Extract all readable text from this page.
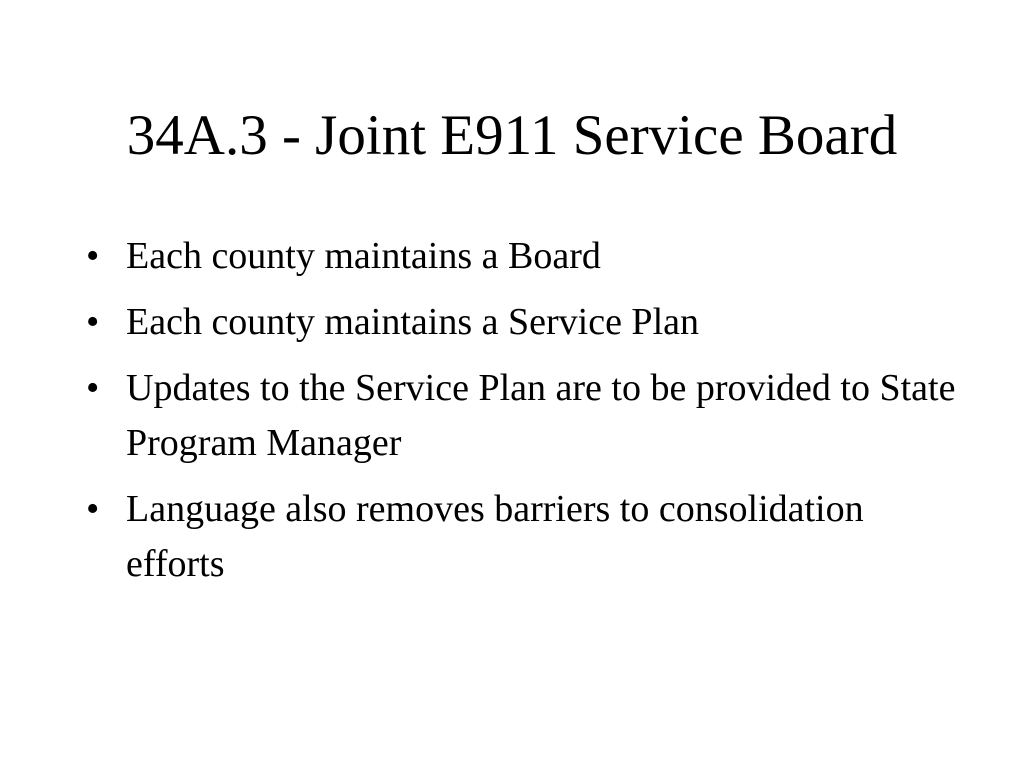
34A.3 - Joint E911 Service Board
• Each county maintains a Board
• Each county maintains a Service Plan
• Updates to the Service Plan are to be provided to State Program Manager
• Language also removes barriers to consolidation efforts
